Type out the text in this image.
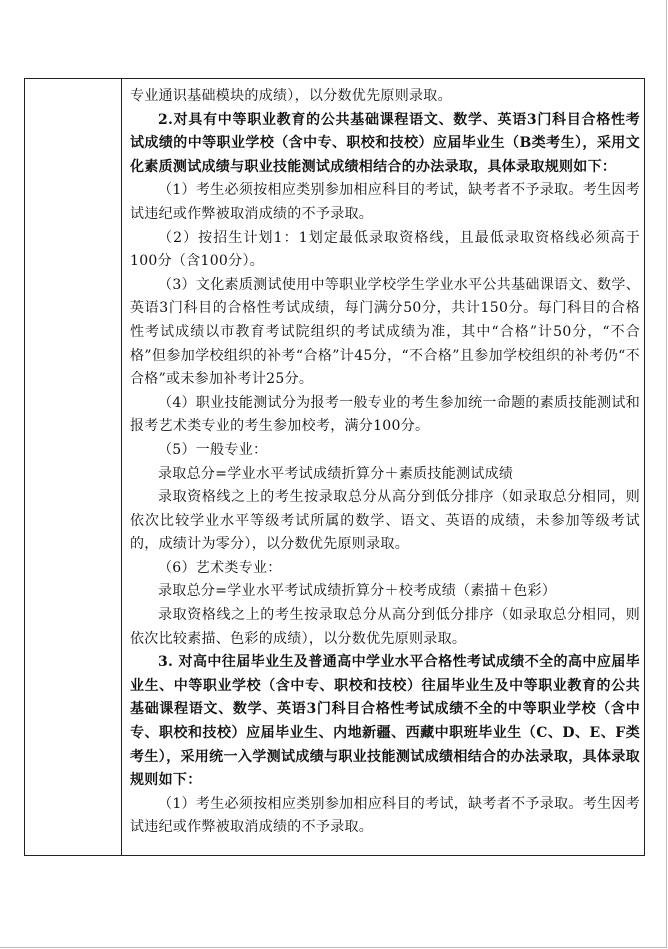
专业通识基础模块的成绩），以分数优先原则录取。

2.对具有中等职业教育的公共基础课程语文、数学、英语3门科目合格性考试成绩的中等职业学校（含中专、职校和技校）应届毕业生（B类考生），采用文化素质测试成绩与职业技能测试成绩相结合的办法录取，具体录取规则如下：

（1）考生必须按相应类别参加相应科目的考试，缺考者不予录取。考生因考试违纪或作弊被取消成绩的不予录取。

（2）按招生计划1：1划定最低录取资格线，且最低录取资格线必须高于100分（含100分）。

（3）文化素质测试使用中等职业学校学生学业水平公共基础课语文、数学、英语3门科目的合格性考试成绩，每门满分50分，共计150分。每门科目的合格性考试成绩以市教育考试院组织的考试成绩为准，其中“合格”计50分，“不合格”但参加学校组织的补考“合格”计45分，“不合格”且参加学校组织的补考仍“不合格”或未参加补考计25分。

（4）职业技能测试分为报考一般专业的考生参加统一命题的素质技能测试和报考艺术类专业的考生参加校考，满分100分。

（5）一般专业：

录取总分=学业水平考试成绩折算分＋素质技能测试成绩

录取资格线之上的考生按录取总分从高分到低分排序（如录取总分相同，则依次比较学业水平等级考试所属的数学、语文、英语的成绩，未参加等级考试的，成绩计为零分），以分数优先原则录取。

（6）艺术类专业：

录取总分=学业水平考试成绩折算分＋校考成绩（素描＋色彩）

录取资格线之上的考生按录取总分从高分到低分排序（如录取总分相同，则依次比较素描、色彩的成绩），以分数优先原则录取。

3. 对高中往届毕业生及普通高中学业水平合格性考试成绩不全的高中应届毕业生、中等职业学校（含中专、职校和技校）往届毕业生及中等职业教育的公共基础课程语文、数学、英语3门科目合格性考试成绩不全的中等职业学校（含中专、职校和技校）应届毕业生、内地新疆、西藏中职班毕业生（C、D、E、F类考生），采用统一入学测试成绩与职业技能测试成绩相结合的办法录取，具体录取规则如下：

（1）考生必须按相应类别参加相应科目的考试，缺考者不予录取。考生因考试违纪或作弊被取消成绩的不予录取。
